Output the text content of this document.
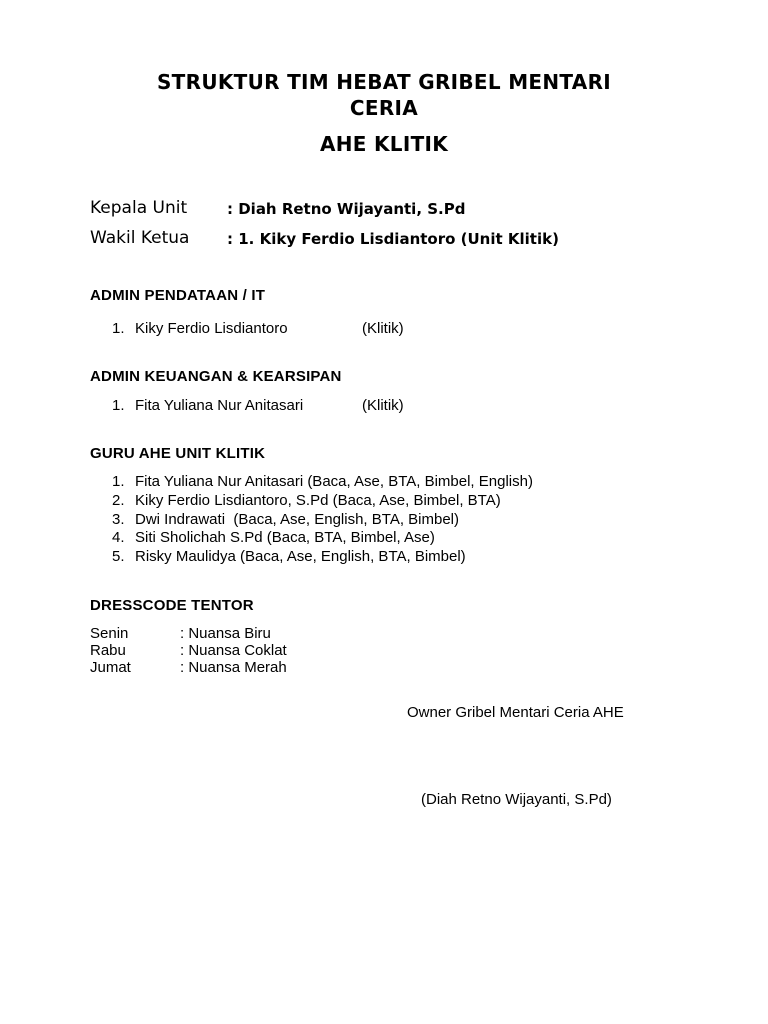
STRUKTUR TIM HEBAT GRIBEL MENTARI
CERIA
AHE KLITIK
Kepala Unit	: Diah Retno Wijayanti, S.Pd
Wakil Ketua	: 1. Kiky Ferdio Lisdiantoro (Unit Klitik)
ADMIN PENDATAAN / IT
1. Kiky Ferdio Lisdiantoro	(Klitik)
ADMIN KEUANGAN & KEARSIPAN
1. Fita Yuliana Nur Anitasari	(Klitik)
GURU AHE UNIT KLITIK
1. Fita Yuliana Nur Anitasari (Baca, Ase, BTA, Bimbel, English)
2. Kiky Ferdio Lisdiantoro, S.Pd (Baca, Ase, Bimbel, BTA)
3. Dwi Indrawati  (Baca, Ase, English, BTA, Bimbel)
4. Siti Sholichah S.Pd (Baca, BTA, Bimbel, Ase)
5. Risky Maulidya (Baca, Ase, English, BTA, Bimbel)
DRESSCODE TENTOR
Senin	: Nuansa Biru
Rabu	: Nuansa Coklat
Jumat	: Nuansa Merah
Owner Gribel Mentari Ceria AHE
(Diah Retno Wijayanti, S.Pd)
